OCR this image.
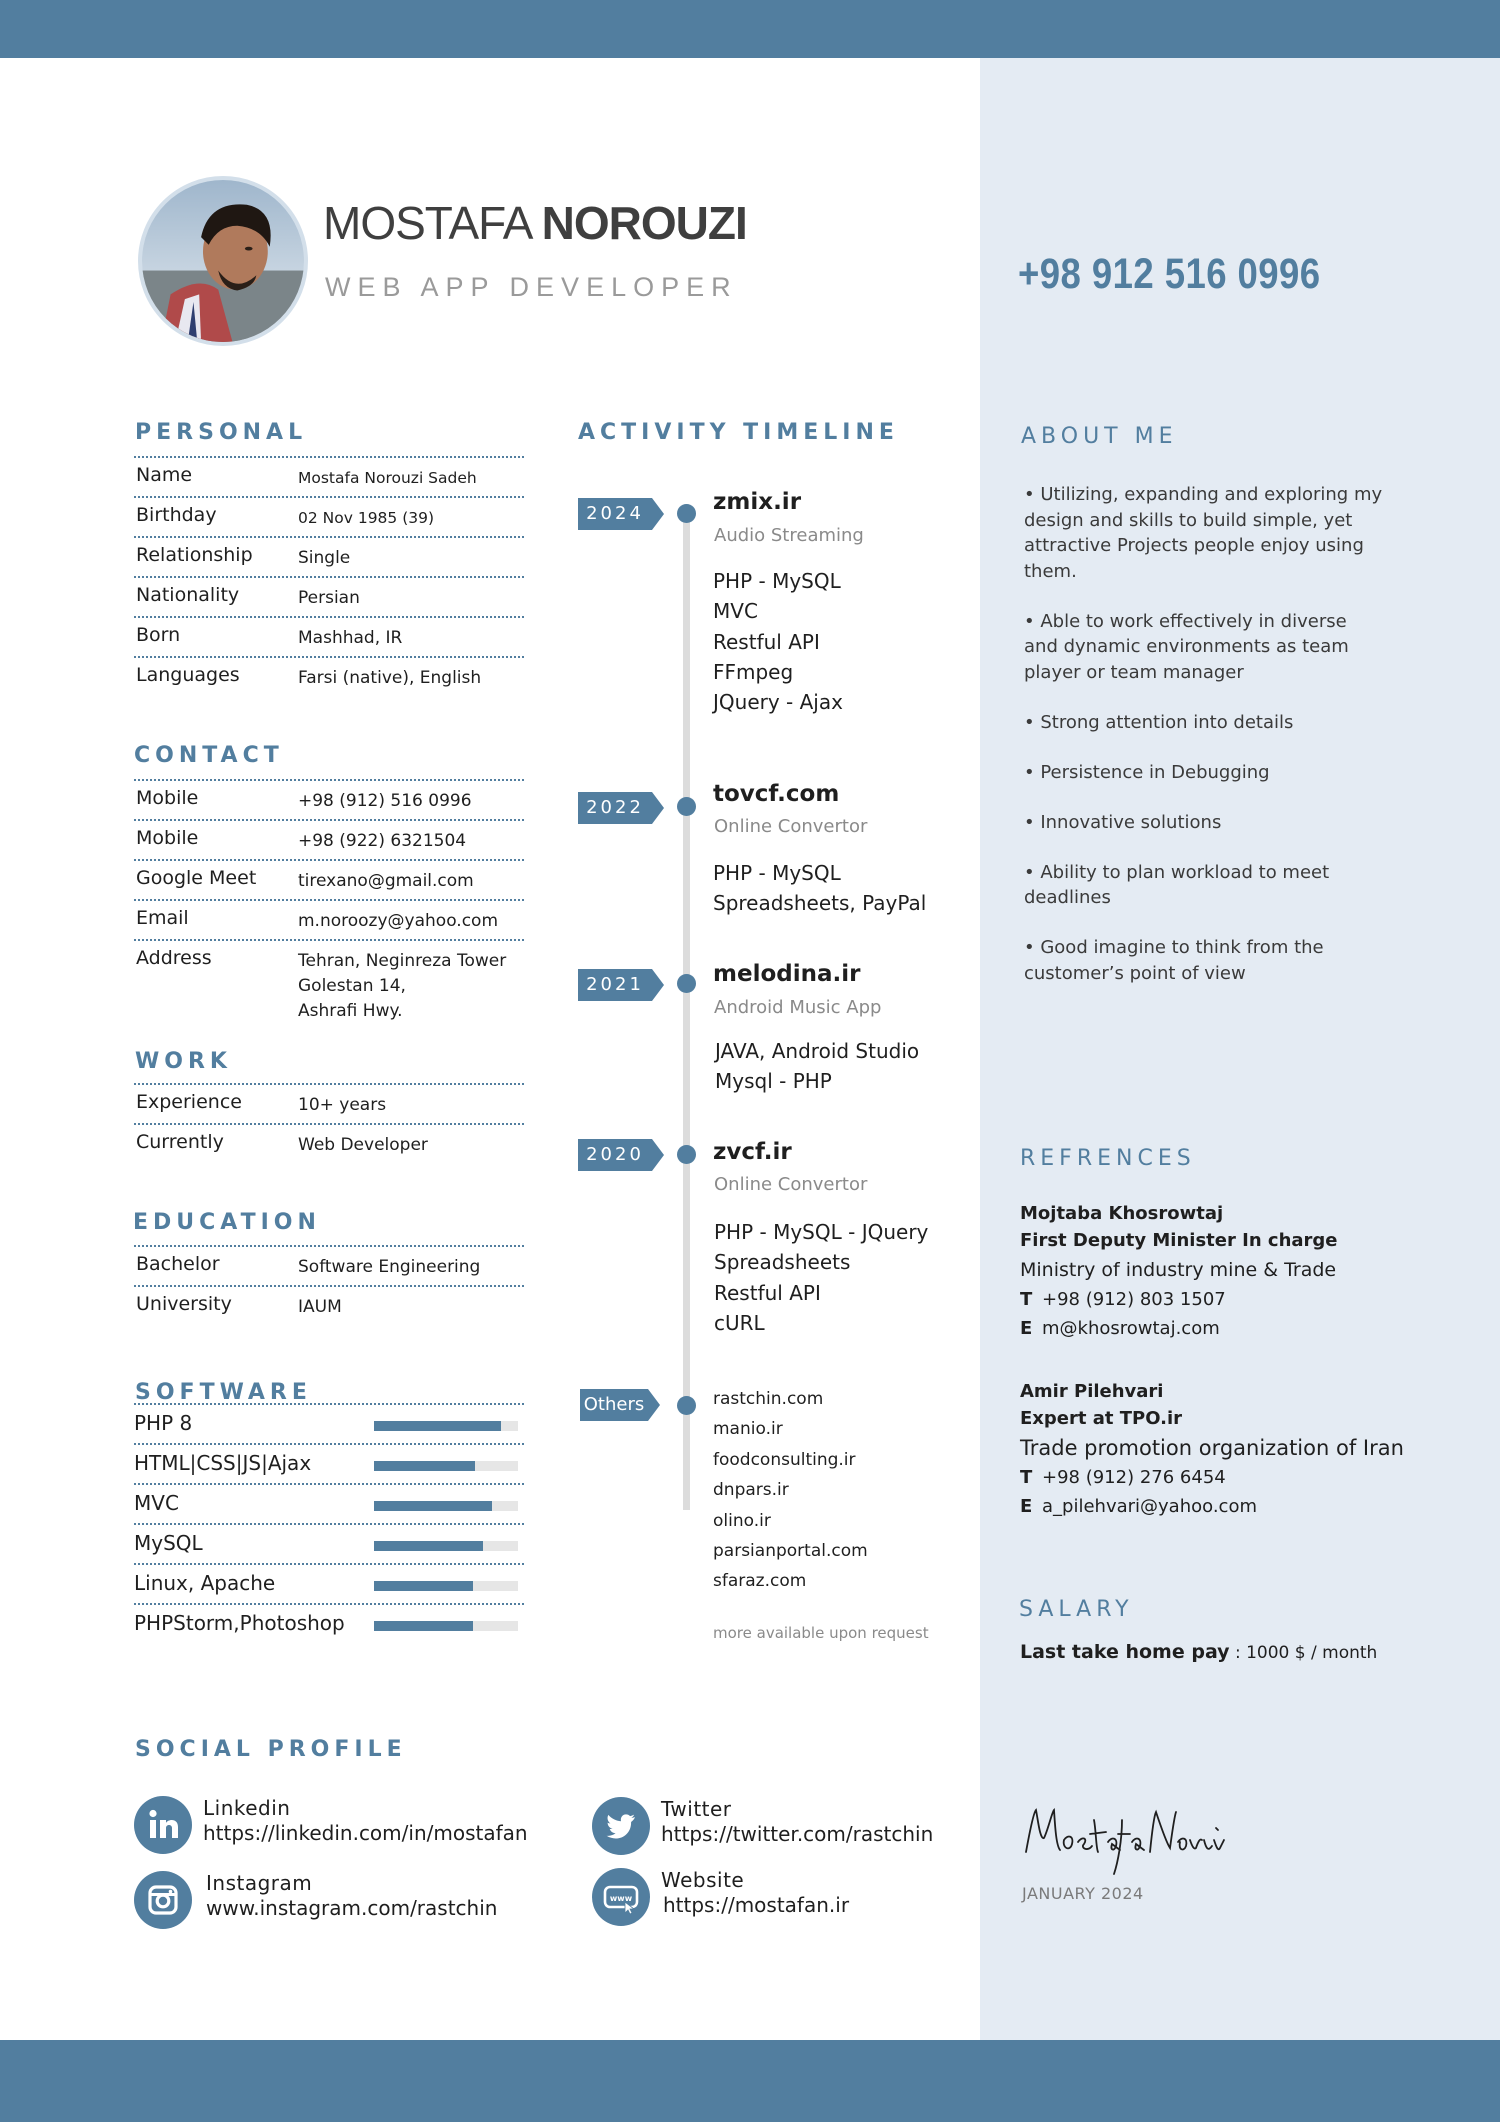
MOSTAFA NOROUZI
WEB APP DEVELOPER	+98 912 516 0996
PERSONAL
Name	Mostafa Norouzi Sadeh
Birthday	02 Nov 1985 (39)
Relationship	Single
Nationality	Persian
Born	Mashhad, IR
Languages	Farsi (native), English
CONTACT
Mobile	+98 (912) 516 0996
Mobile	+98 (922) 6321504
Google Meet tirexano@gmail.com
Email	m.noroozy@yahoo.com
Address	Tehran, Neginreza Tower
Golestan 14,
Ashrafi Hwy.
WORK
Experience	10+ years
Currently	Web Developer
EDUCATION
Bachelor	Software Engineering
University	IAUM
SOFTWARE
PHP 8
HTML|CSS|JS|Ajax
MVC
MySQL
Linux, Apache
PHPStorm,Photoshop
ACTIVITY TIMELINE
2024	zmix.ir
Audio Streaming
PHP - MySQL
MVC
Restful API
FFmpeg
JQuery - Ajax
2022
tovcf.com
Online Convertor
PHP - MySQL
Spreadsheets, PayPal
2021	melodina.ir
Android Music App
JAVA, Android Studio
Mysql - PHP
2020	zvcf.ir
Online Convertor
PHP - MySQL - JQuery
Spreadsheets
Restful API
cURL
Others	rastchin.com
manio.ir
foodconsulting.ir
dnpars.ir
olino.ir
parsianportal.com
sfaraz.com
more available upon request
ABOUT ME
• Utilizing, expanding and exploring my design and skills to build simple, yet attractive Projects people enjoy using them.
• Able to work effectively in diverse and dynamic environments as team player or team manager
• Strong attention into details
• Persistence in Debugging
• Innovative solutions
• Ability to plan workload to meet deadlines
• Good imagine to think from the customer’s point of view
REFRENCES
Mojtaba Khosrowtaj
First Deputy Minister In charge
Ministry of industry mine & Trade
T +98 (912) 803 1507
E m@khosrowtaj.com
Amir Pilehvari
Expert at TPO.ir
Trade promotion organization of Iran
T +98 (912) 276 6454
E a_pilehvari@yahoo.com
SALARY
Last take home pay : 1000 $ / month
JANUARY 2024
SOCIAL PROFILE
Linkedin
https://linkedin.com/in/mostafan
Twitter
https://twitter.com/rastchin
Instagram
www.instagram.com/rastchin	www
Website
https://mostafan.ir
